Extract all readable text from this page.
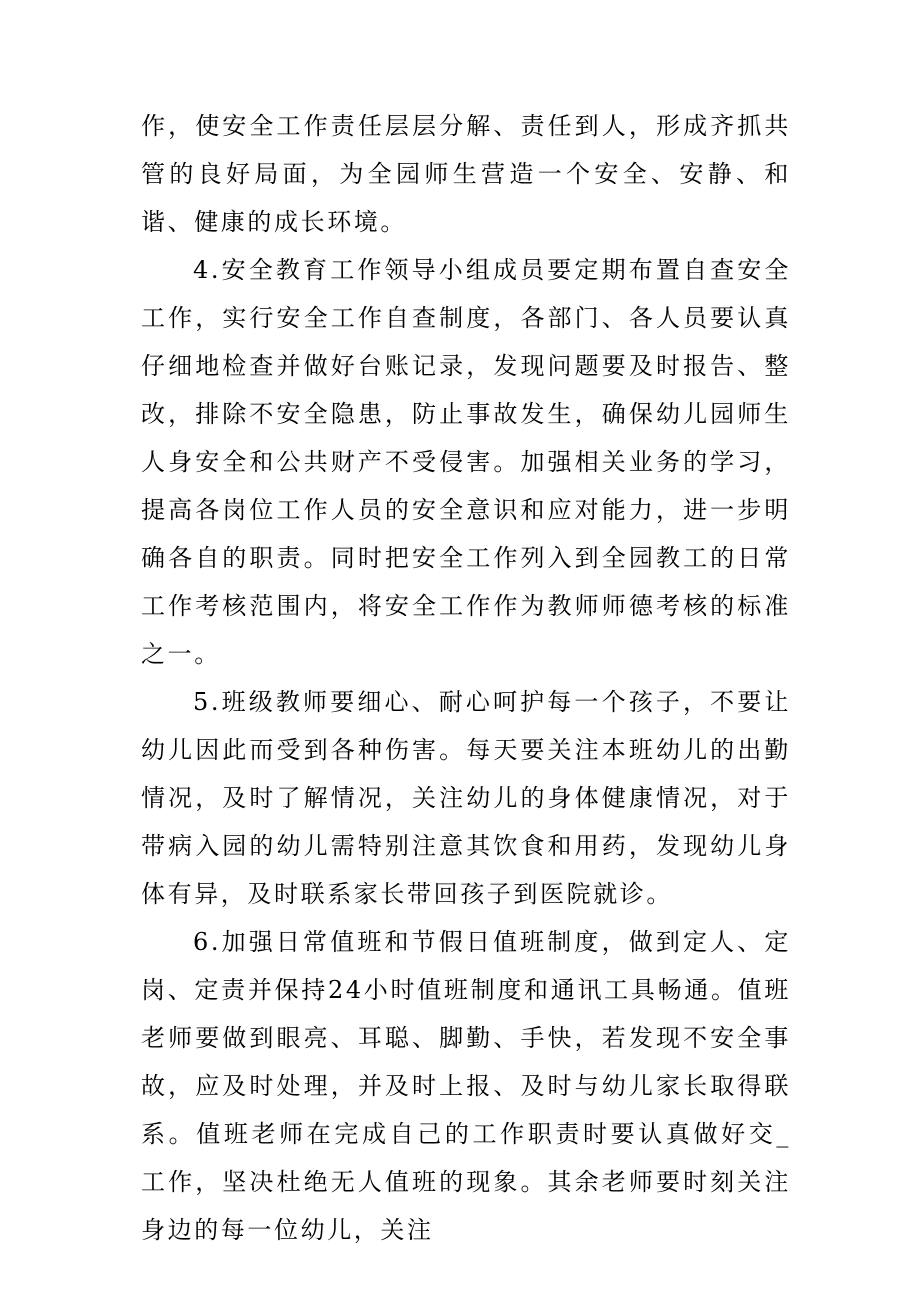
作，使安全工作责任层层分解、责任到人，形成齐抓共管的良好局面，为全园师生营造一个安全、安静、和谐、健康的成长环境。

4.安全教育工作领导小组成员要定期布置自查安全工作，实行安全工作自查制度，各部门、各人员要认真仔细地检查并做好台账记录，发现问题要及时报告、整改，排除不安全隐患，防止事故发生，确保幼儿园师生人身安全和公共财产不受侵害。加强相关业务的学习，提高各岗位工作人员的安全意识和应对能力，进一步明确各自的职责。同时把安全工作列入到全园教工的日常工作考核范围内，将安全工作作为教师师德考核的标准之一。

5.班级教师要细心、耐心呵护每一个孩子，不要让幼儿因此而受到各种伤害。每天要关注本班幼儿的出勤情况，及时了解情况，关注幼儿的身体健康情况，对于带病入园的幼儿需特别注意其饮食和用药，发现幼儿身体有异，及时联系家长带回孩子到医院就诊。

6.加强日常值班和节假日值班制度，做到定人、定岗、定责并保持24小时值班制度和通讯工具畅通。值班老师要做到眼亮、耳聪、脚勤、手快，若发现不安全事故，应及时处理，并及时上报、及时与幼儿家长取得联系。值班老师在完成自己的工作职责时要认真做好交_工作，坚决杜绝无人值班的现象。其余老师要时刻关注身边的每一位幼儿，关注
